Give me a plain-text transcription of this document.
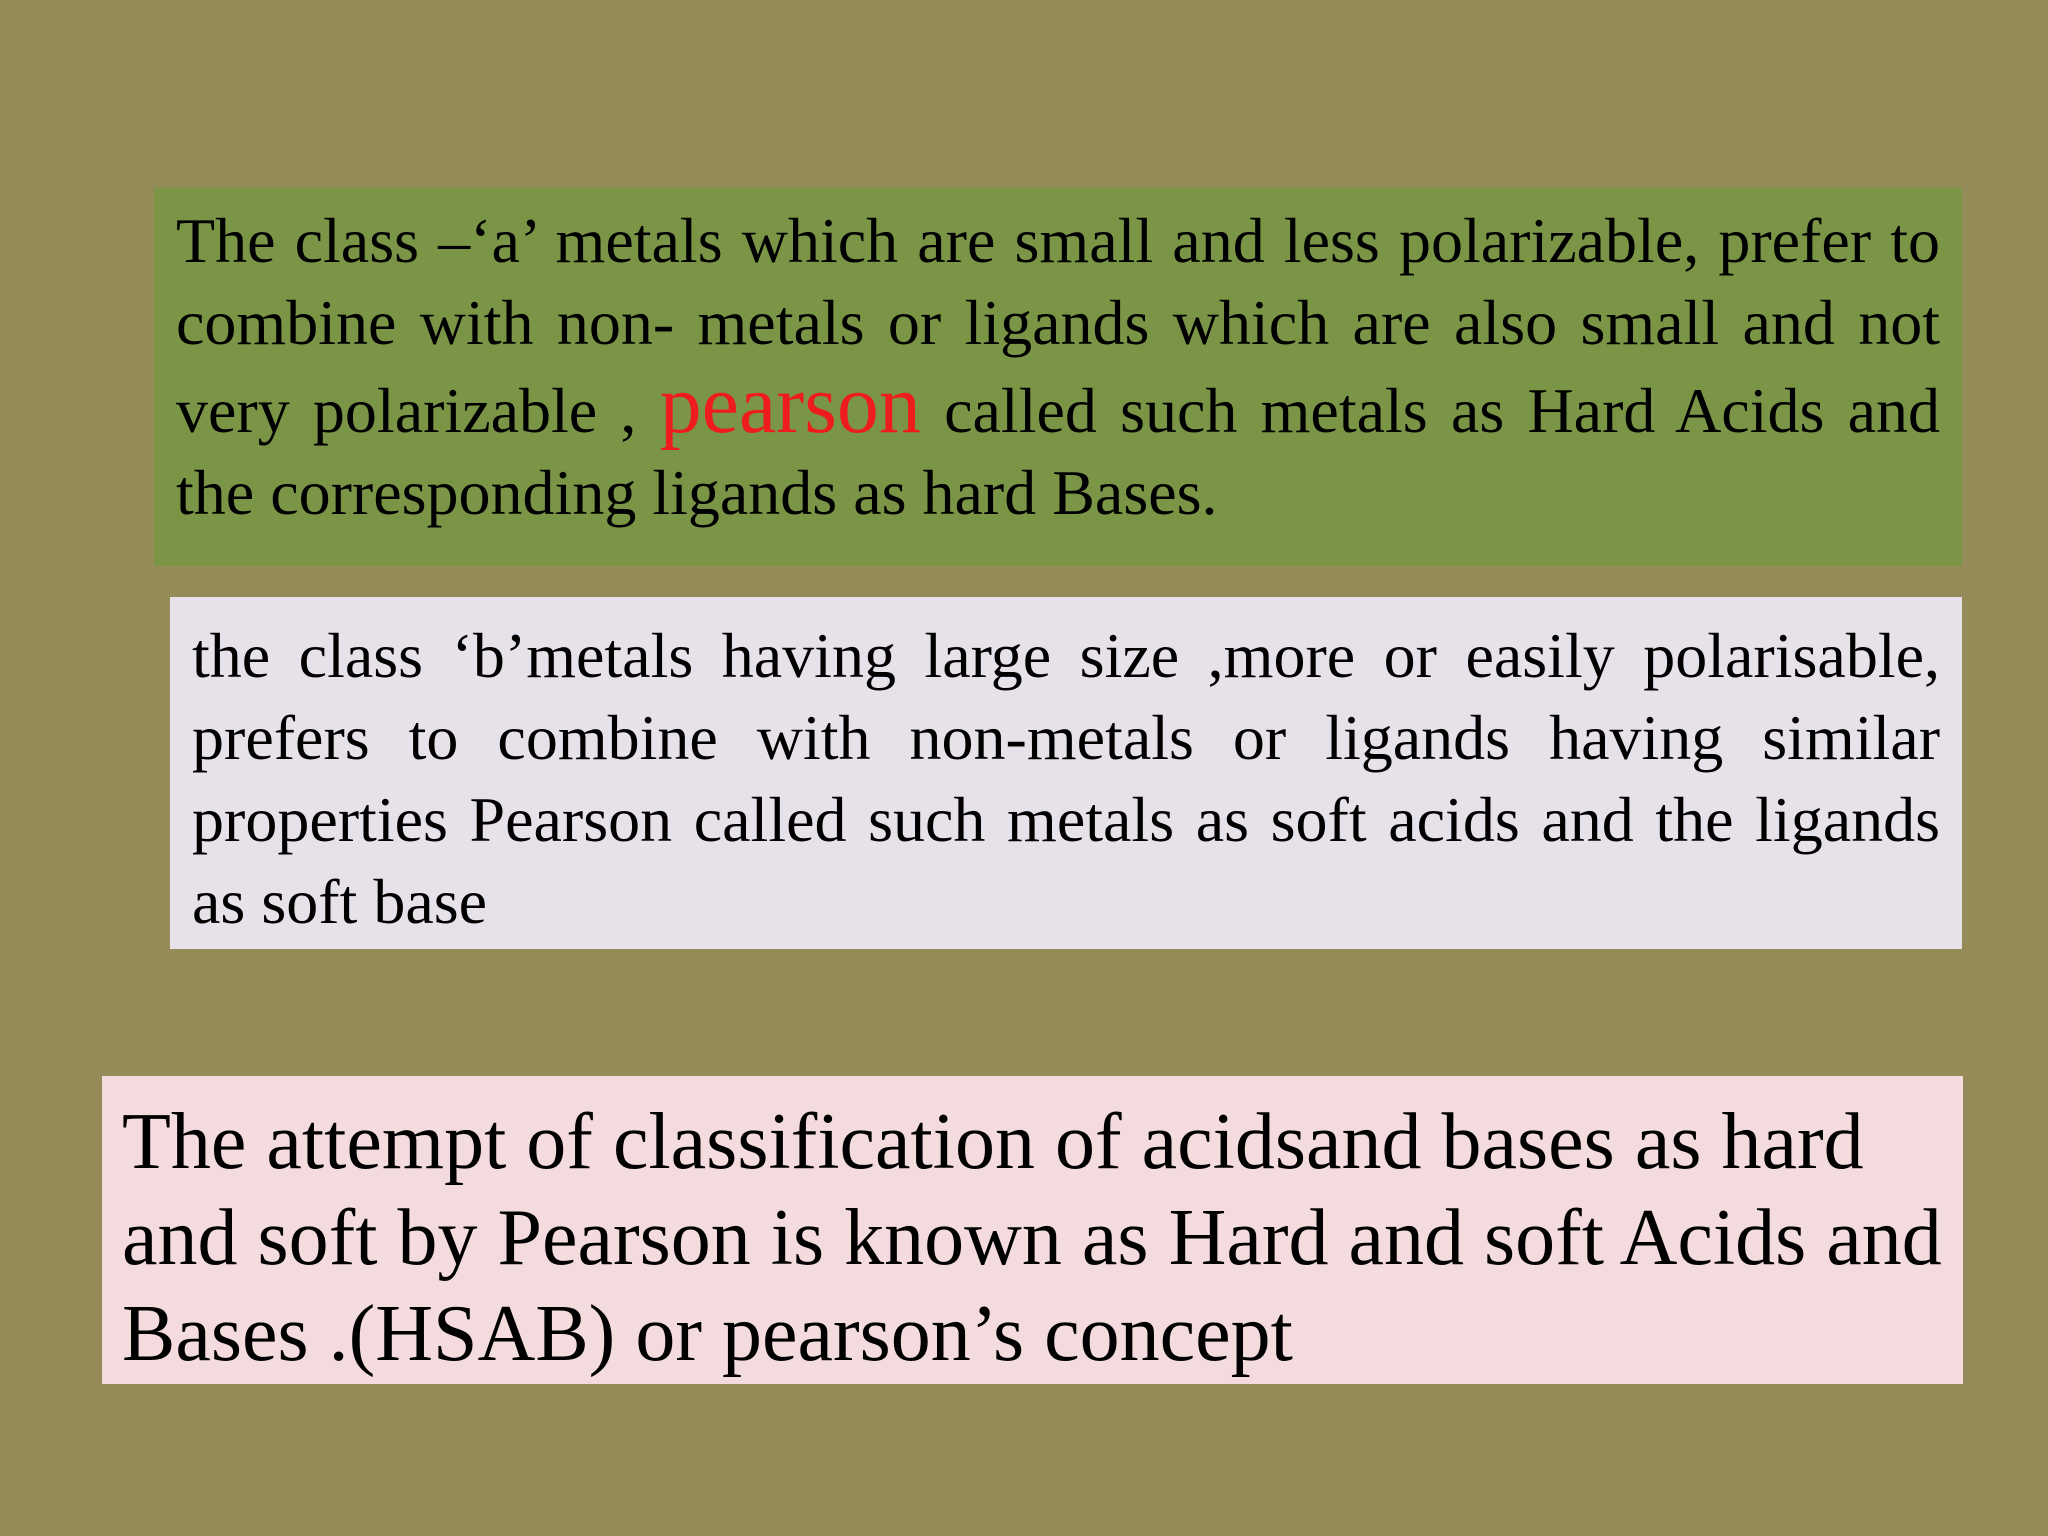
The class –‘a’ metals which are small and less polarizable, prefer to combine with non- metals or ligands which are also small and not very polarizable , pearson called such metals as Hard Acids and the corresponding ligands as hard Bases.

the class ‘b’metals having large size ,more or easily polarisable, prefers to combine with non-metals or ligands having similar properties Pearson called such metals as soft acids and the ligands as soft base

The attempt of classification of acidsand bases as hard and soft by Pearson is known as Hard and soft Acids and Bases .(HSAB) or pearson’s concept
